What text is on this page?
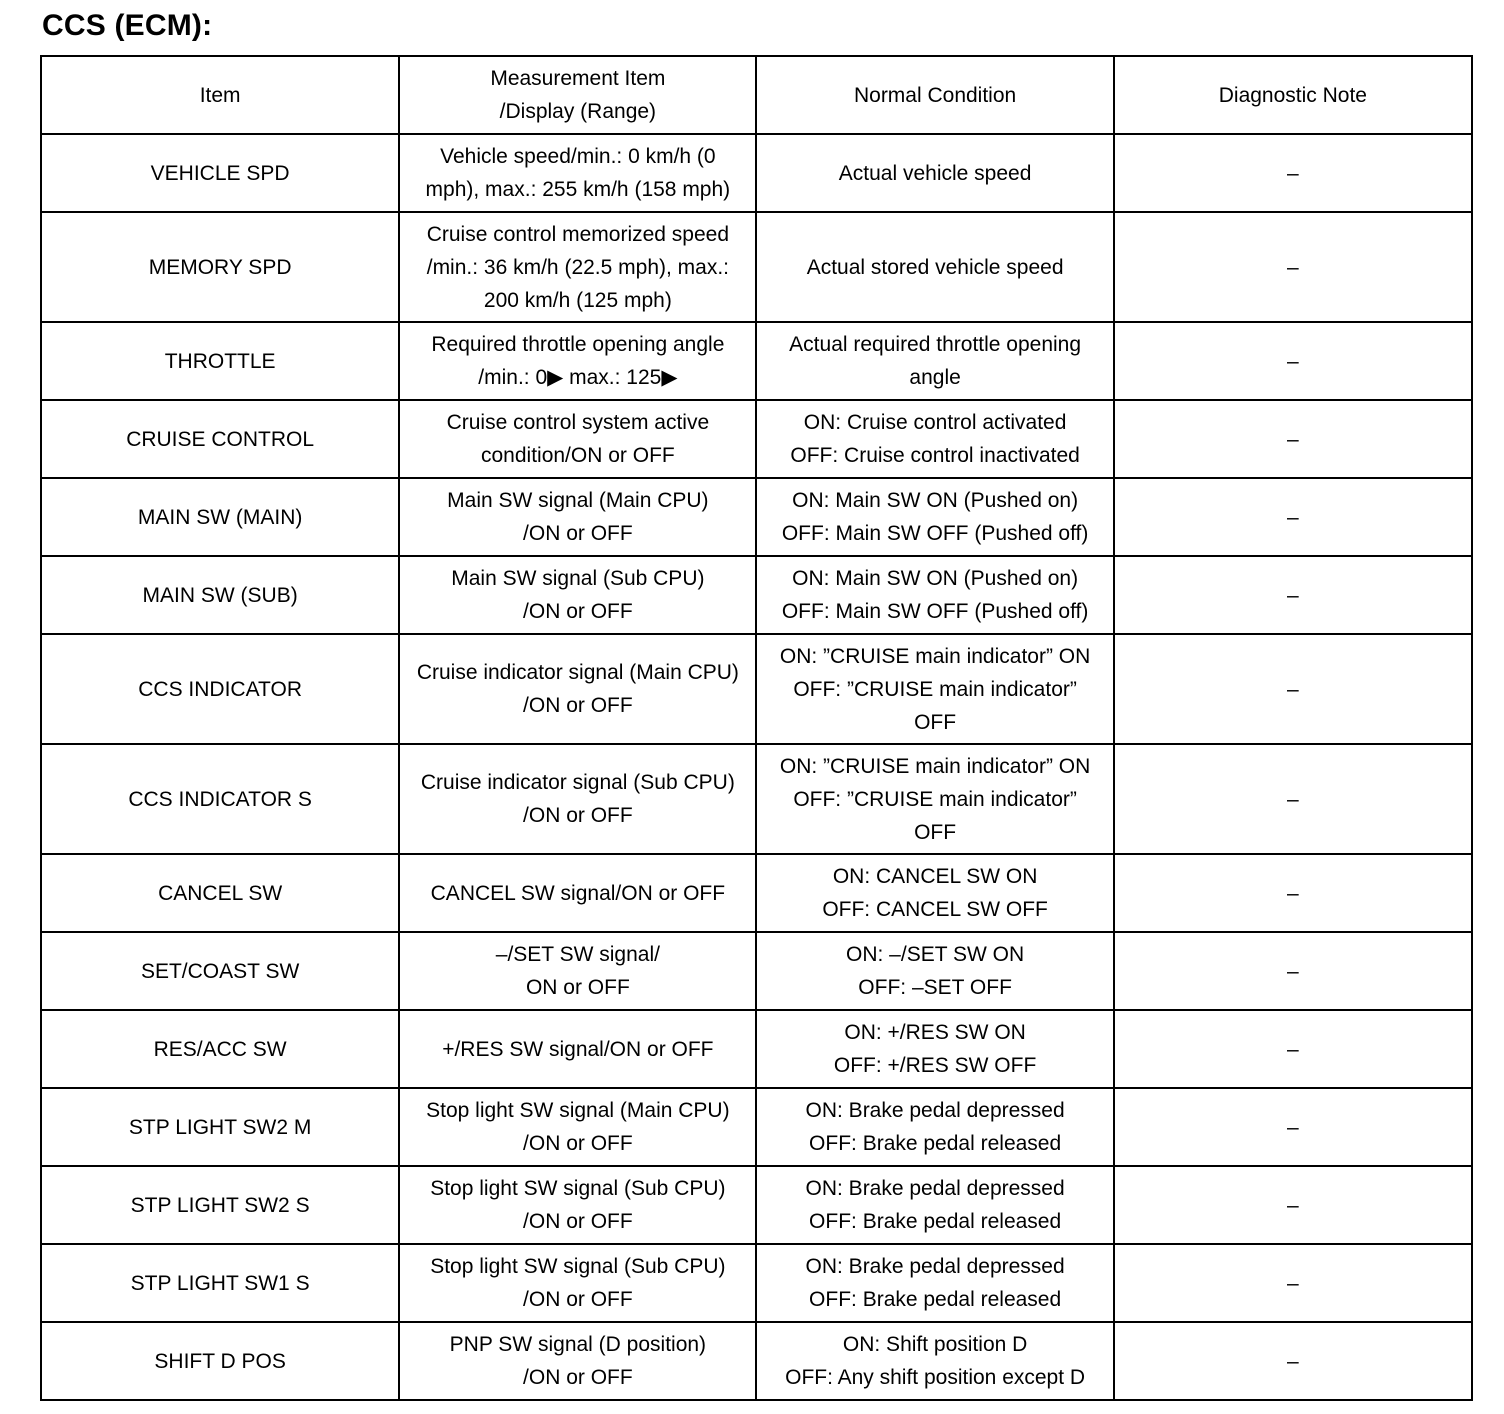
CCS (ECM):
Item	Measurement Item
/Display (Range)	Normal Condition	Diagnostic Note
VEHICLE SPD	Vehicle speed/min.: 0 km/h (0
mph), max.: 255 km/h (158 mph)	Actual vehicle speed	–
MEMORY SPD	Cruise control memorized speed
/min.: 36 km/h (22.5 mph), max.:
200 km/h (125 mph)	Actual stored vehicle speed	–
THROTTLE	Required throttle opening angle
/min.: 0▶ max.: 125▶	Actual required throttle opening
angle	–
CRUISE CONTROL	Cruise control system active
condition/ON or OFF	ON: Cruise control activated
OFF: Cruise control inactivated	–
MAIN SW (MAIN)	Main SW signal (Main CPU)
/ON or OFF	ON: Main SW ON (Pushed on)
OFF: Main SW OFF (Pushed off)	–
MAIN SW (SUB)	Main SW signal (Sub CPU)
/ON or OFF	ON: Main SW ON (Pushed on)
OFF: Main SW OFF (Pushed off)	–
CCS INDICATOR	Cruise indicator signal (Main CPU)
/ON or OFF	ON: ”CRUISE main indicator” ON
OFF: ”CRUISE main indicator”
OFF	–
CCS INDICATOR S	Cruise indicator signal (Sub CPU)
/ON or OFF	ON: ”CRUISE main indicator” ON
OFF: ”CRUISE main indicator”
OFF	–
CANCEL SW	CANCEL SW signal/ON or OFF	ON: CANCEL SW ON
OFF: CANCEL SW OFF	–
SET/COAST SW	–/SET SW signal/
ON or OFF	ON: –/SET SW ON
OFF: –SET OFF	–
RES/ACC SW	+/RES SW signal/ON or OFF	ON: +/RES SW ON
OFF: +/RES SW OFF	–
STP LIGHT SW2 M	Stop light SW signal (Main CPU)
/ON or OFF	ON: Brake pedal depressed
OFF: Brake pedal released	–
STP LIGHT SW2 S	Stop light SW signal (Sub CPU)
/ON or OFF	ON: Brake pedal depressed
OFF: Brake pedal released	–
STP LIGHT SW1 S	Stop light SW signal (Sub CPU)
/ON or OFF	ON: Brake pedal depressed
OFF: Brake pedal released	–
SHIFT D POS	PNP SW signal (D position)
/ON or OFF	ON: Shift position D
OFF: Any shift position except D	–
